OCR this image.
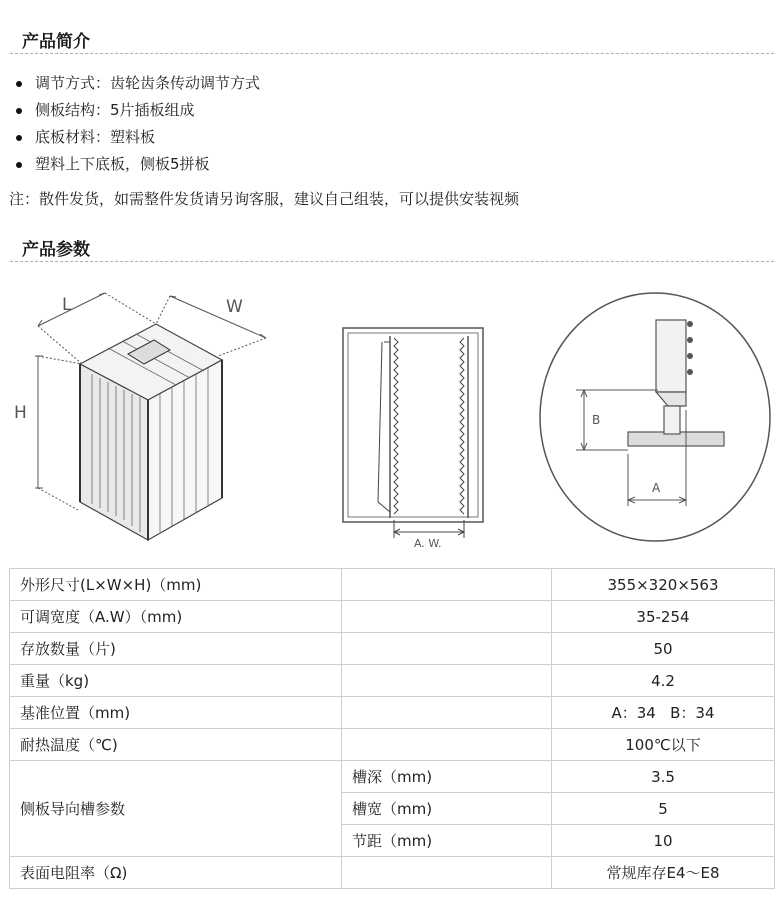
产品简介
调节方式：齿轮齿条传动调节方式
侧板结构：5片插板组成
底板材料：塑料板
塑料上下底板，侧板5拼板
注：散件发货，如需整件发货请另询客服，建议自己组装，可以提供安装视频
产品参数
L	W
H
A. W.
B
A
外形尺寸(L×W×H)（mm)		355×320×563
可调宽度（A.W）（mm)		35-254
存放数量（片)		50
重量（kg)		4.2
基准位置（mm)		A：34   B：34
耐热温度（℃)		100℃以下
侧板导向槽参数	槽深（mm)	3.5
	槽宽（mm)	5
	节距（mm)	10
表面电阻率（Ω)		常规库存E4～E8
